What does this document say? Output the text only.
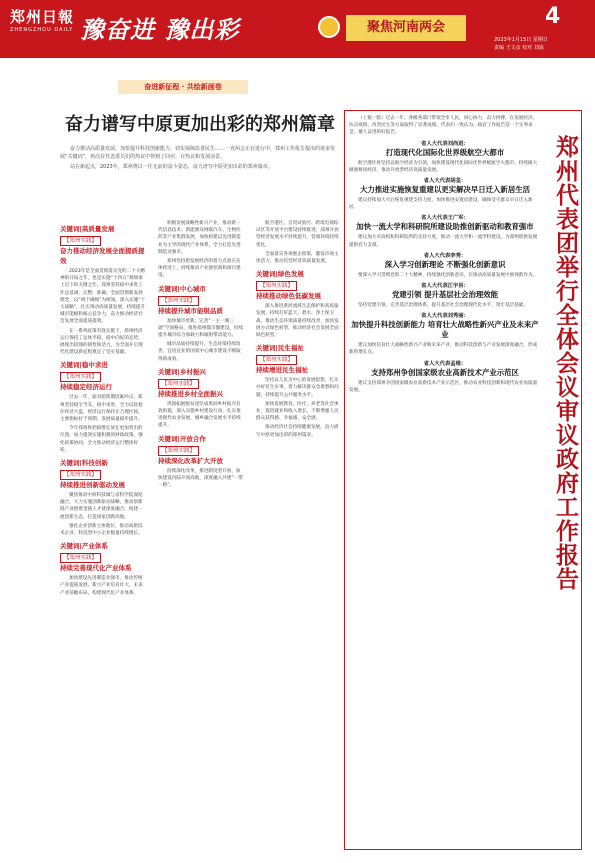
郑州日報
ZHENGZHOU DAILY 豫奋进 豫出彩	聚焦河南两会	4
2023年1月15日 星期日
责编 王文彦 校对 刘嵩
奋进新征程 · 共绘新画卷
奋力谱写中原更加出彩的郑州篇章

奋力推动高质量发展、加快提升科技创新能力、切实保障改善民生……一直两会正在进行中，郑州工作报告提出的诸多发展“关键词”，再次在代表委员们的热议中得到了回应，在热议和发展前景。

站在新起点，2023年，郑州将以一往无前的奋斗姿态，奋力谱写中原更加出彩的郑州篇章。

关键词|高质量发展
【郑州实践】
奋力推动经济发展全面提质提效

2023年是全面贯彻落实党的二十大精神的开局之年，也是实施“十四五”规划承上启下的关键之年，郑州坚持稳中求进工作总基调，完整、准确、全面贯彻新发展理念，以“两个确保”为统领，深入实施“十大战略”，扎实推动高质量发展，持续提升城市能级和核心竞争力，奋力推动经济社会发展全面提质提效。

在一系列政策有效实施下，郑州经济运行保持了总体平稳、稳中向好的态势，展现出较强的韧性和活力，为全面开启现代化建设新征程奠定了坚实基础。

关键词|稳中求进
【郑州实践】
持续稳定经济运行

过去一年，面对超预期因素冲击，郑州坚持稳字当头、稳中求进，全力以赴稳住经济大盘，经济运行保持在合理区间，主要指标好于预期，发展质量稳步提升。

今年郑州将把稳增长放在更加突出的位置，加力提效实施积极的财政政策，强化政策协同，全力推动经济运行整体好转。

关键词|科技创新
【郑州实践】
持续推进创新驱动发展

聚焦推动中原科技城与省科学院深度融合，大力实施创新驱动战略，推动创新链产业链资金链人才链深度融合，构建一流创新生态，打造国家创新高地。

强化企业创新主体地位，推动高新技术企业、科技型中小企业数量持续增长。

关键词|产业体系
【郑州实践】
持续完善现代化产业体系

加快建设先进制造业强市，推动传统产业提质发展、新兴产业培育壮大、未来产业前瞻布局，构建现代化产业体系。

积极发展战略性新兴产业，推动新一代信息技术、新能源及网联汽车、生物医药等产业集群发展，加快构建以先进制造业为主导的现代产业体系，全力打造先进制造业强市。

郑州坚持把发展经济的着力点放在实体经济上，持续推动产业链招商和项目建设。

关键词|中心城市
【郑州实践】
持续提升城市能级品质

加快城市更新，完善“一主一城三副”空间格局，推进郑州都市圈建设，持续提升城市综合承载力和辐射带动能力。

城市品质持续提升，生态环境持续改善，宜居宜业的国家中心城市建设不断取得新成效。

关键词|乡村振兴
【郑州实践】
持续推进乡村全面振兴

巩固拓展脱贫攻坚成果同乡村振兴有效衔接，深入实施乡村建设行动，扎实推进现代农业发展，城乡融合发展水平持续提升。

关键词|开放合作
【郑州实践】
持续深化改革扩大开放

持续深化改革，推进制度型开放，加快建设内陆开放高地，深度融入共建“一带一路”。

航空港区、自贸试验区、跨境电商综试区等开放平台建设持续推进，郑州开放型经济发展水平持续提升，营商环境持续优化。

全面落实各项惠企政策，激发市场主体活力，推动民营经济高质量发展。

关键词|绿色发展
【郑州实践】
持续推动绿色低碳发展

深入推进黄河流域生态保护和高质量发展，持续打好蓝天、碧水、净土保卫战，推动生态环境质量持续改善，加快发展方式绿色转型，推动经济社会发展全面绿色转型。

关键词|民生福祉
【郑州实践】
持续增进民生福祉

坚持以人民为中心的发展思想，扎实办好民生实事，着力解决群众急难愁盼问题，持续提升公共服务水平。

加快发展教育、医疗、养老等社会事业，促进就业和收入增长，不断增强人民群众获得感、幸福感、安全感。

推动经济社会持续健康发展，奋力谱写中原更加出彩的郑州篇章。

（上接一版）过去一年，各级各部门带领全市人民，同心协力，奋力拼搏，在发展经济、抗击疫情、改善民生等方面取得了显著成绩。代表们一致认为，政府工作报告是一个实事求是、催人奋进的好报告。

省人大代表刘尚进：
打造现代化国际化世界级航空大都市

航空港区将坚持以航空经济为引领，加快建设现代化国际化世界级航空大都市，持续做大做强枢纽经济，推动开放型经济高质量发展。

省人大代表胡荃：
大力推进实施恢复重建以更实解决早日迁入新居生活

建议持续加大灾后恢复重建支持力度，加快推进安置房建设，确保受灾群众早日迁入新居。

省人大代表王广军：
加快一流大学和科研院所建设助推创新驱动和教育强市

建议加大对高校和科研院所的支持力度，推动一流大学和一流学科建设，为郑州创新发展提供有力支撑。

省人大代表李秀：
深入学习创新理论 不断强化创新意识

要深入学习贯彻党的二十大精神，持续强化创新意识，在推动高质量发展中展现新作为。

省人大代表江宇县：
党建引领 提升基层社会治理效能

坚持党建引领，完善基层治理体系，提升基层社会治理现代化水平，筑牢基层基础。

省人大代表刘秀丽：
加快提升科技创新能力 培育壮大战略性新兴产业及未来产业

建议加快培育壮大战略性新兴产业和未来产业，推动科技创新与产业发展深度融合，形成新的增长点。

省人大代表孟维：
支持郑州争创国家级农业高新技术产业示范区

建议支持郑州争创国家级农业高新技术产业示范区，推动农业科技创新和现代农业高质量发展。	郑州代表团举行全体会议审议政府工作报告
